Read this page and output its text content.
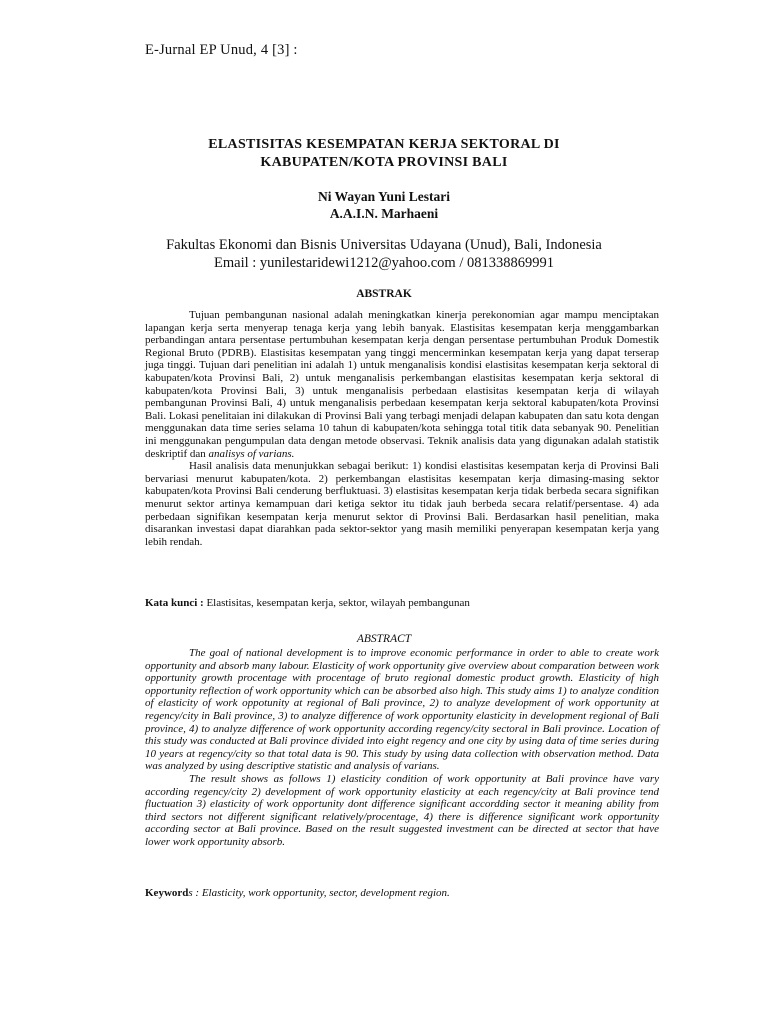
E-Jurnal EP Unud, 4 [3] :
ELASTISITAS KESEMPATAN KERJA SEKTORAL DI
KABUPATEN/KOTA PROVINSI BALI
Ni Wayan Yuni Lestari
A.A.I.N. Marhaeni
Fakultas Ekonomi dan Bisnis Universitas Udayana (Unud), Bali, Indonesia
Email : yunilestaridewi1212@yahoo.com / 081338869991
ABSTRAK

Tujuan pembangunan nasional adalah meningkatkan kinerja perekonomian agar mampu menciptakan lapangan kerja serta menyerap tenaga kerja yang lebih banyak. Elastisitas kesempatan kerja menggambarkan perbandingan antara persentase pertumbuhan kesempatan kerja dengan persentase pertumbuhan Produk Domestik Regional Bruto (PDRB). Elastisitas kesempatan yang tinggi mencerminkan kesempatan kerja yang dapat terserap juga tinggi. Tujuan dari penelitian ini adalah 1) untuk menganalisis kondisi elastisitas kesempatan kerja sektoral di kabupaten/kota Provinsi Bali, 2) untuk menganalisis perkembangan elastisitas kesempatan kerja sektoral di kabupaten/kota Provinsi Bali, 3) untuk menganalisis perbedaan elastisitas kesempatan kerja di wilayah pembangunan Provinsi Bali, 4) untuk menganalisis perbedaan kesempatan kerja sektoral kabupaten/kota Provinsi Bali. Lokasi penelitaian ini dilakukan di Provinsi Bali yang terbagi menjadi delapan kabupaten dan satu kota dengan menggunakan data time series selama 10 tahun di kabupaten/kota sehingga total titik data sebanyak 90. Penelitian ini menggunakan pengumpulan data dengan metode observasi. Teknik analisis data yang digunakan adalah statistik deskriptif dan analisys of varians.

Hasil analisis data menunjukkan sebagai berikut: 1) kondisi elastisitas kesempatan kerja di Provinsi Bali bervariasi menurut kabupaten/kota. 2) perkembangan elastisitas kesempatan kerja dimasing-masing sektor kabupaten/kota Provinsi Bali cenderung berfluktuasi. 3) elastisitas kesempatan kerja tidak berbeda secara signifikan menurut sektor artinya kemampuan dari ketiga sektor itu tidak jauh berbeda secara relatif/persentase. 4) ada perbedaan signifikan kesempatan kerja menurut sektor di Provinsi Bali. Berdasarkan hasil penelitian, maka disarankan investasi dapat diarahkan pada sektor-sektor yang masih memiliki penyerapan kesempatan kerja yang lebih rendah.

Kata kunci : Elastisitas, kesempatan kerja, sektor, wilayah pembangunan
ABSTRACT

The goal of national development is to improve economic performance in order to able to create work opportunity and absorb many labour. Elasticity of work opportunity give overview about comparation between work opportunity growth procentage with procentage of bruto regional domestic product growth. Elasticity of high opportunity reflection of work opportunity which can be absorbed also high. This study aims 1) to analyze condition of elasticity of work oppotunity at regional of Bali province, 2) to analyze development of work opportunity at regency/city in Bali province, 3) to analyze difference of work opportunity elasticity in development regional of Bali province, 4) to analyze difference of work opportunity according regency/city sectoral in Bali province. Location of this study was conducted at Bali province divided into eight regency and one city by using data of time series during 10 years at regency/city so that total data is 90. This study by using data collection with observation method. Data was analyzed by using descriptive statistic and analysis of varians.

The result shows as follows 1) elasticity condition of work opportunity at Bali province have vary according regency/city 2) development of work opportunity elasticity at each regency/city at Bali province tend fluctuation 3) elasticity of work opportunity dont difference significant accordding sector it meaning ability from third sectors not different significant relatively/procentage, 4) there is difference significant work opportunity according sector at Bali province. Based on the result suggested investment can be directed at sector that have lower work opportunity absorb.

Keywords : Elasticity, work opportunity, sector, development region.
